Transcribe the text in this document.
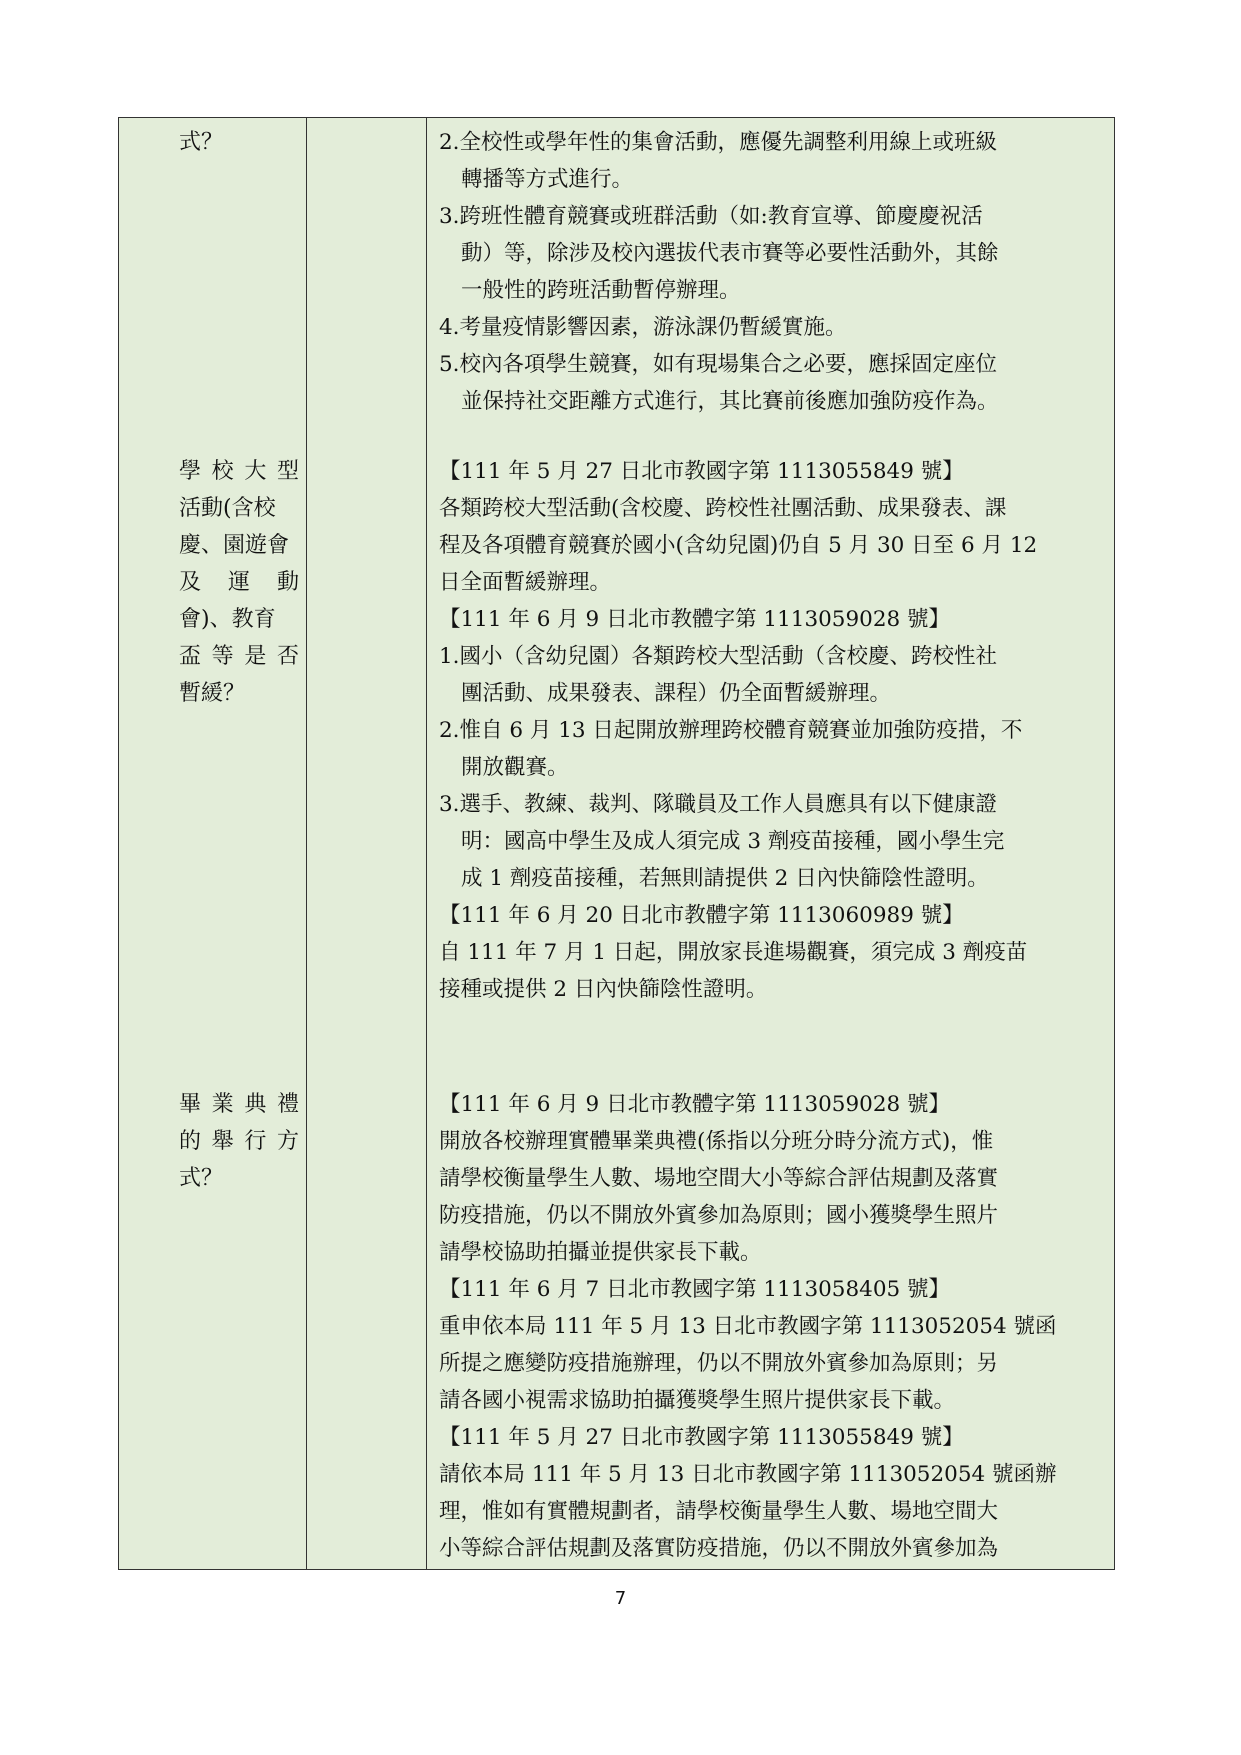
式？
學校大型
活動(含校
慶、園遊會
及運動
會)、教育
盃等是否
暫緩？
畢業典禮
的舉行方
式？
2.全校性或學年性的集會活動，應優先調整利用線上或班級
轉播等方式進行。
3.跨班性體育競賽或班群活動（如:教育宣導、節慶慶祝活
動）等，除涉及校內選拔代表市賽等必要性活動外，其餘
一般性的跨班活動暫停辦理。
4.考量疫情影響因素，游泳課仍暫緩實施。
5.校內各項學生競賽，如有現場集合之必要，應採固定座位
並保持社交距離方式進行，其比賽前後應加強防疫作為。
【111 年 5 月 27 日北市教國字第 1113055849 號】
各類跨校大型活動(含校慶、跨校性社團活動、成果發表、課
程及各項體育競賽於國小(含幼兒園)仍自 5 月 30 日至 6 月 12
日全面暫緩辦理。
【111 年 6 月 9 日北市教體字第 1113059028 號】
1.國小（含幼兒園）各類跨校大型活動（含校慶、跨校性社
團活動、成果發表、課程）仍全面暫緩辦理。
2.惟自 6 月 13 日起開放辦理跨校體育競賽並加強防疫措，不
開放觀賽。
3.選手、教練、裁判、隊職員及工作人員應具有以下健康證
明：國高中學生及成人須完成 3 劑疫苗接種，國小學生完
成 1 劑疫苗接種，若無則請提供 2 日內快篩陰性證明。
【111 年 6 月 20 日北市教體字第 1113060989 號】
自 111 年 7 月 1 日起，開放家長進場觀賽，須完成 3 劑疫苗
接種或提供 2 日內快篩陰性證明。
【111 年 6 月 9 日北市教體字第 1113059028 號】
開放各校辦理實體畢業典禮(係指以分班分時分流方式)，惟
請學校衡量學生人數、場地空間大小等綜合評估規劃及落實
防疫措施，仍以不開放外賓參加為原則；國小獲獎學生照片
請學校協助拍攝並提供家長下載。
【111 年 6 月 7 日北市教國字第 1113058405 號】
重申依本局 111 年 5 月 13 日北市教國字第 1113052054 號函
所提之應變防疫措施辦理，仍以不開放外賓參加為原則；另
請各國小視需求協助拍攝獲獎學生照片提供家長下載。
【111 年 5 月 27 日北市教國字第 1113055849 號】
請依本局 111 年 5 月 13 日北市教國字第 1113052054 號函辦
理，惟如有實體規劃者，請學校衡量學生人數、場地空間大
小等綜合評估規劃及落實防疫措施，仍以不開放外賓參加為
7
